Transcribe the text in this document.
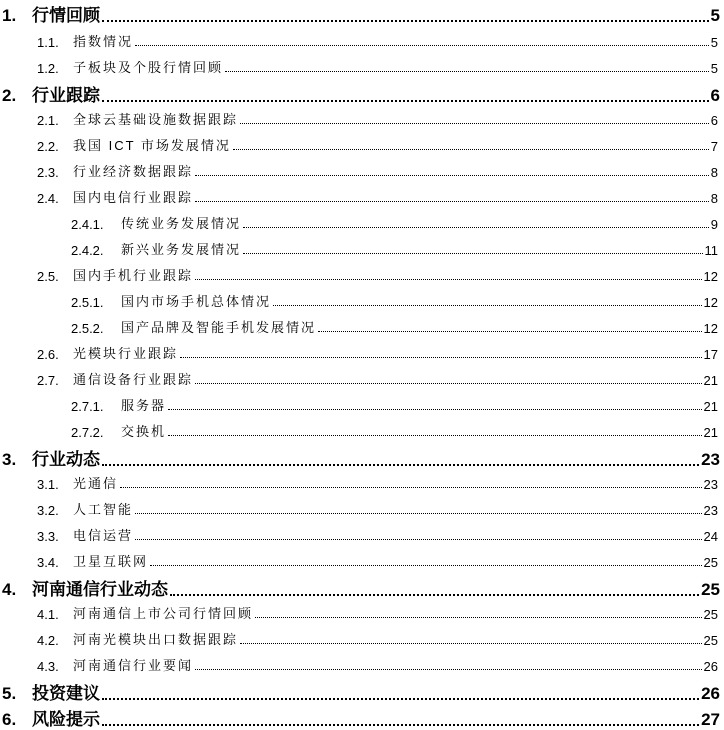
1. 行情回顾	5
1.1.	指数情况	5
1.2.	子板块及个股行情回顾	5
2. 行业跟踪	6
2.1.	全球云基础设施数据跟踪	6
2.2.	我国 ICT 市场发展情况	7
2.3.	行业经济数据跟踪	8
2.4.	国内电信行业跟踪	8
2.4.1.	传统业务发展情况	9
2.4.2.	新兴业务发展情况	11
2.5.	国内手机行业跟踪	12
2.5.1.	国内市场手机总体情况	12
2.5.2.	国产品牌及智能手机发展情况	12
2.6.	光模块行业跟踪	17
2.7.	通信设备行业跟踪	21
2.7.1.	服务器	21
2.7.2.	交换机	21
3. 行业动态	23
3.1.	光通信	23
3.2.	人工智能	23
3.3.	电信运营	24
3.4.	卫星互联网	25
4. 河南通信行业动态	25
4.1.	河南通信上市公司行情回顾	25
4.2.	河南光模块出口数据跟踪	25
4.3.	河南通信行业要闻	26
5. 投资建议	26
6. 风险提示	27
